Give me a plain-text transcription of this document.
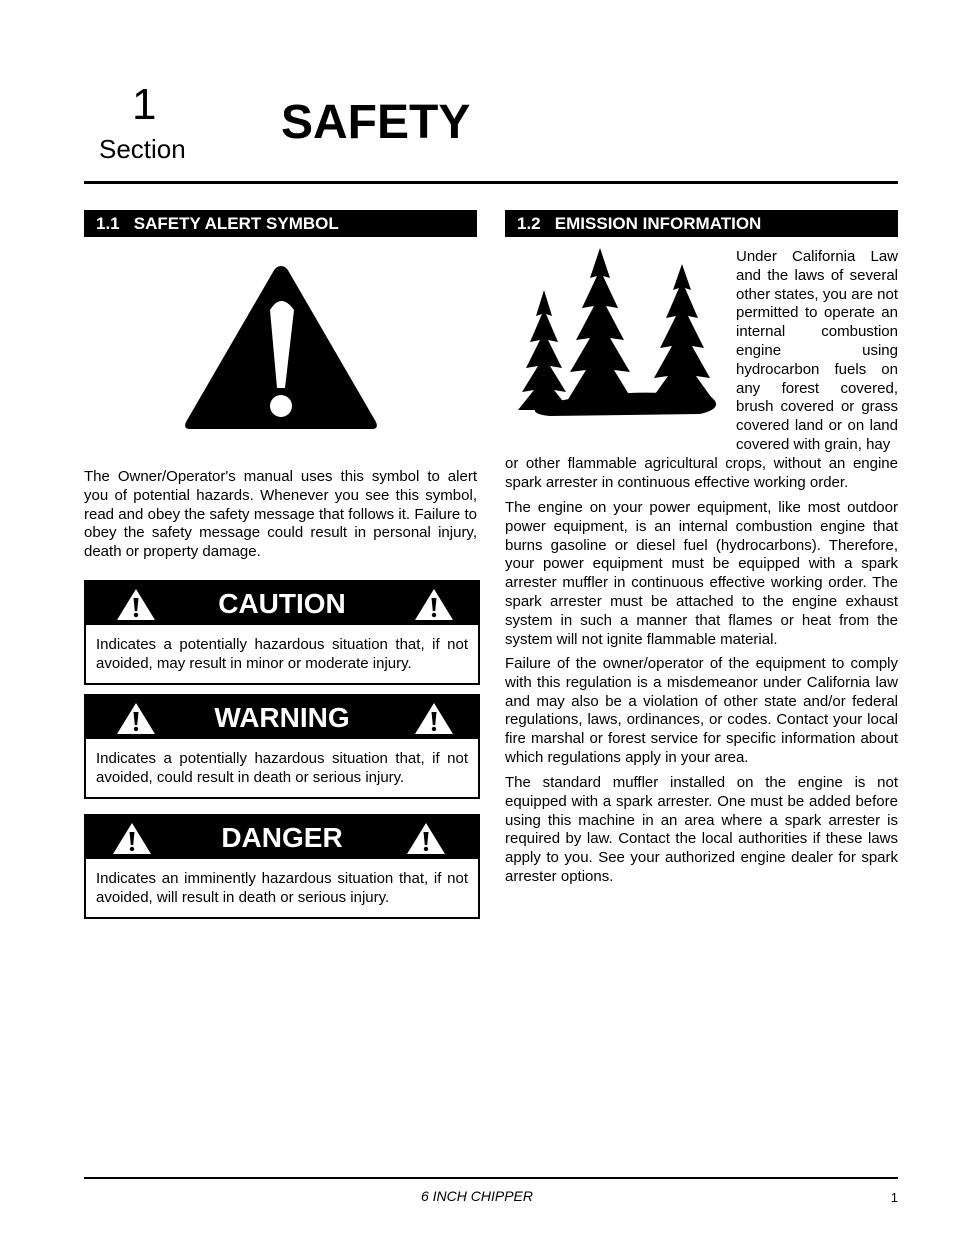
1
Section SAFETY
1.1   SAFETY ALERT SYMBOL
The Owner/Operator's manual uses this symbol to alert you of potential hazards. Whenever you see this symbol, read and obey the safety message that follows it. Failure to obey the safety message could result in personal injury, death or property damage.
CAUTION
Indicates a potentially hazardous situation that, if not avoided, may result in minor or moderate injury.
WARNING
Indicates a potentially hazardous situation that, if not avoided, could result in death or serious injury.
DANGER
Indicates an imminently hazardous situation that, if not avoided, will result in death or serious injury.
1.2   EMISSION INFORMATION
Under California Law and the laws of several other states, you are not permitted to operate an internal combustion engine using hydrocarbon fuels on any forest covered, brush covered or grass covered land or on land covered with grain, hay
or other flammable agricultural crops, without an engine spark arrester in continuous effective working order.
The engine on your power equipment, like most outdoor power equipment, is an internal combustion engine that burns gasoline or diesel fuel (hydrocarbons). Therefore, your power equipment must be equipped with a spark arrester muffler in continuous effective working order. The spark arrester must be attached to the engine exhaust system in such a manner that flames or heat from the system will not ignite flammable material.
Failure of the owner/operator of the equipment to comply with this regulation is a misdemeanor under California law and may also be a violation of other state and/or federal regulations, laws, ordinances, or codes. Contact your local fire marshal or forest service for specific information about which regulations apply in your area.
The standard muffler installed on the engine is not equipped with a spark arrester. One must be added before using this machine in an area where a spark arrester is required by law. Contact the local authorities if these laws apply to you. See your authorized engine dealer for spark arrester options.
6 INCH CHIPPER	1
